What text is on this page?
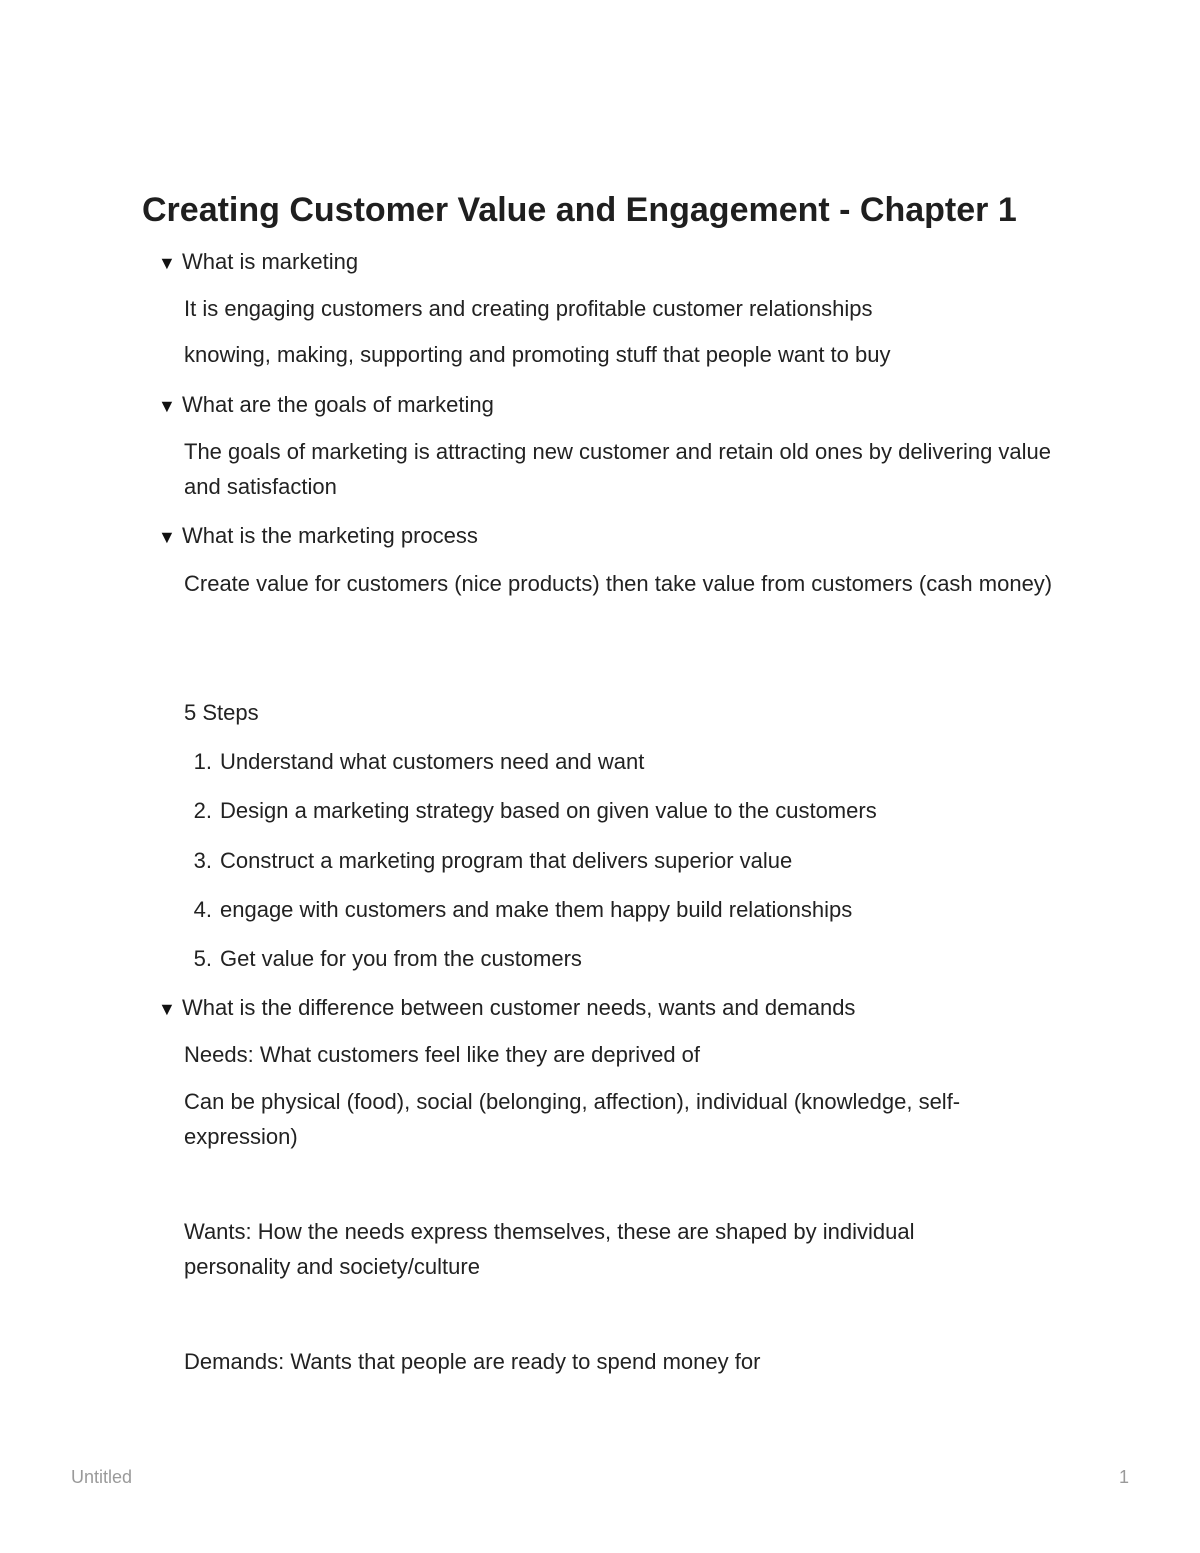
Creating Customer Value and Engagement - Chapter 1
▼ What is marketing
It is engaging customers and creating profitable customer relationships
knowing, making, supporting and promoting stuff that people want to buy
▼ What are the goals of marketing
The goals of marketing is attracting new customer and retain old ones by delivering value and satisfaction
▼ What is the marketing process
Create value for customers (nice products) then take value from customers (cash money)
5 Steps
1. Understand what customers need and want
2. Design a marketing strategy based on given value to the customers
3. Construct a marketing program that delivers superior value
4. engage with customers and make them happy build relationships
5. Get value for you from the customers
▼ What is the difference between customer needs, wants and demands
Needs: What customers feel like they are deprived of
Can be physical (food), social (belonging, affection), individual (knowledge, self-expression)
Wants: How the needs express themselves, these are shaped by individual personality and society/culture
Demands: Wants that people are ready to spend money for
Untitled	1
